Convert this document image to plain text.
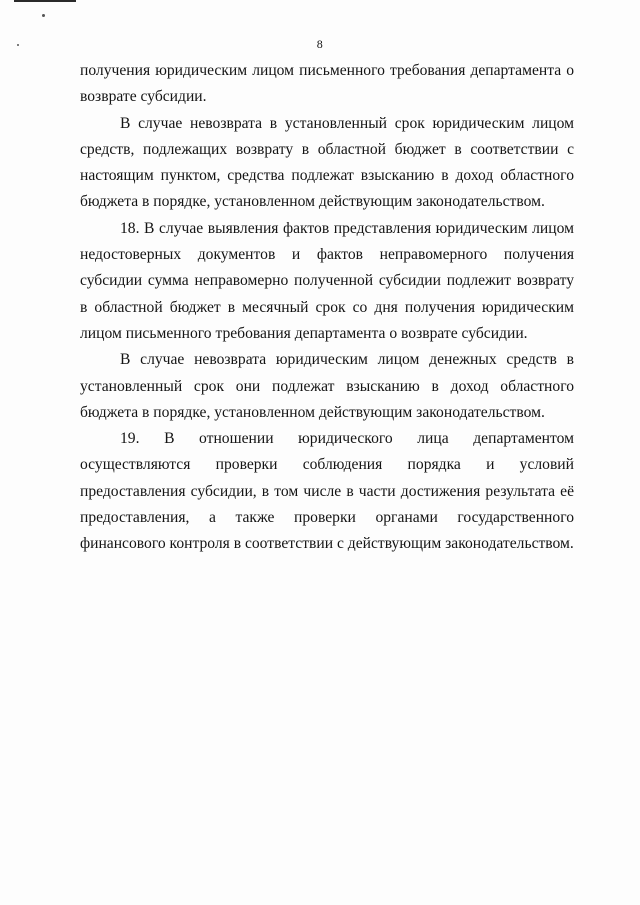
8

получения юридическим лицом письменного требования департамента о возврате субсидии.

В случае невозврата в установленный срок юридическим лицом средств, подлежащих возврату в областной бюджет в соответствии с настоящим пунктом, средства подлежат взысканию в доход областного бюджета в порядке, установленном действующим законодательством.

18. В случае выявления фактов представления юридическим лицом недостоверных документов и фактов неправомерного получения субсидии сумма неправомерно полученной субсидии подлежит возврату в областной бюджет в месячный срок со дня получения юридическим лицом письменного требования департамента о возврате субсидии.

В случае невозврата юридическим лицом денежных средств в установленный срок они подлежат взысканию в доход областного бюджета в порядке, установленном действующим законодательством.

19. В отношении юридического лица департаментом осуществляются проверки соблюдения порядка и условий предоставления субсидии, в том числе в части достижения результата её предоставления, а также проверки органами государственного финансового контроля в соответствии с действующим законодательством.
